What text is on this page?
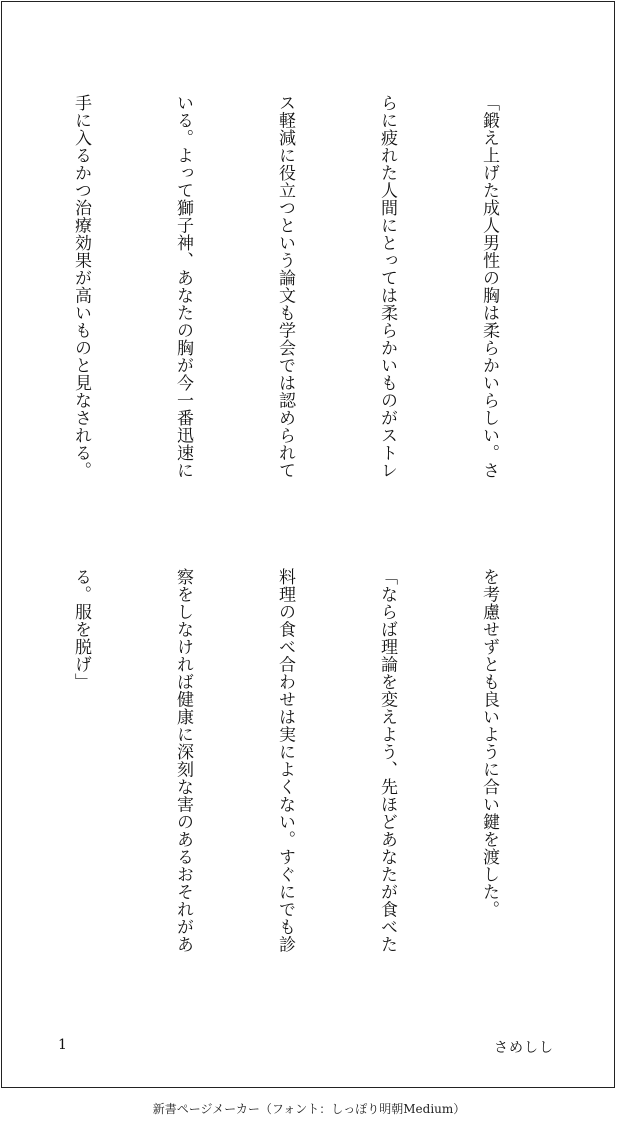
「鍛え上げた成人男性の胸は柔らかいらしい。さ

らに疲れた人間にとっては柔らかいものがストレ

ス軽減に役立つという論文も学会では認められて

いる。よって獅子神、あなたの胸が今一番迅速に

手に入るかつ治療効果が高いものと見なされる。

を考慮せずとも良いように合い鍵を渡した。

「ならば理論を変えよう、先ほどあなたが食べた

料理の食べ合わせは実によくない。すぐにでも診

察をしなければ健康に深刻な害のあるおそれがあ

る。服を脱げ」

1	さめしし
新書ページメーカー（フォント：しっぽり明朝Medium）
